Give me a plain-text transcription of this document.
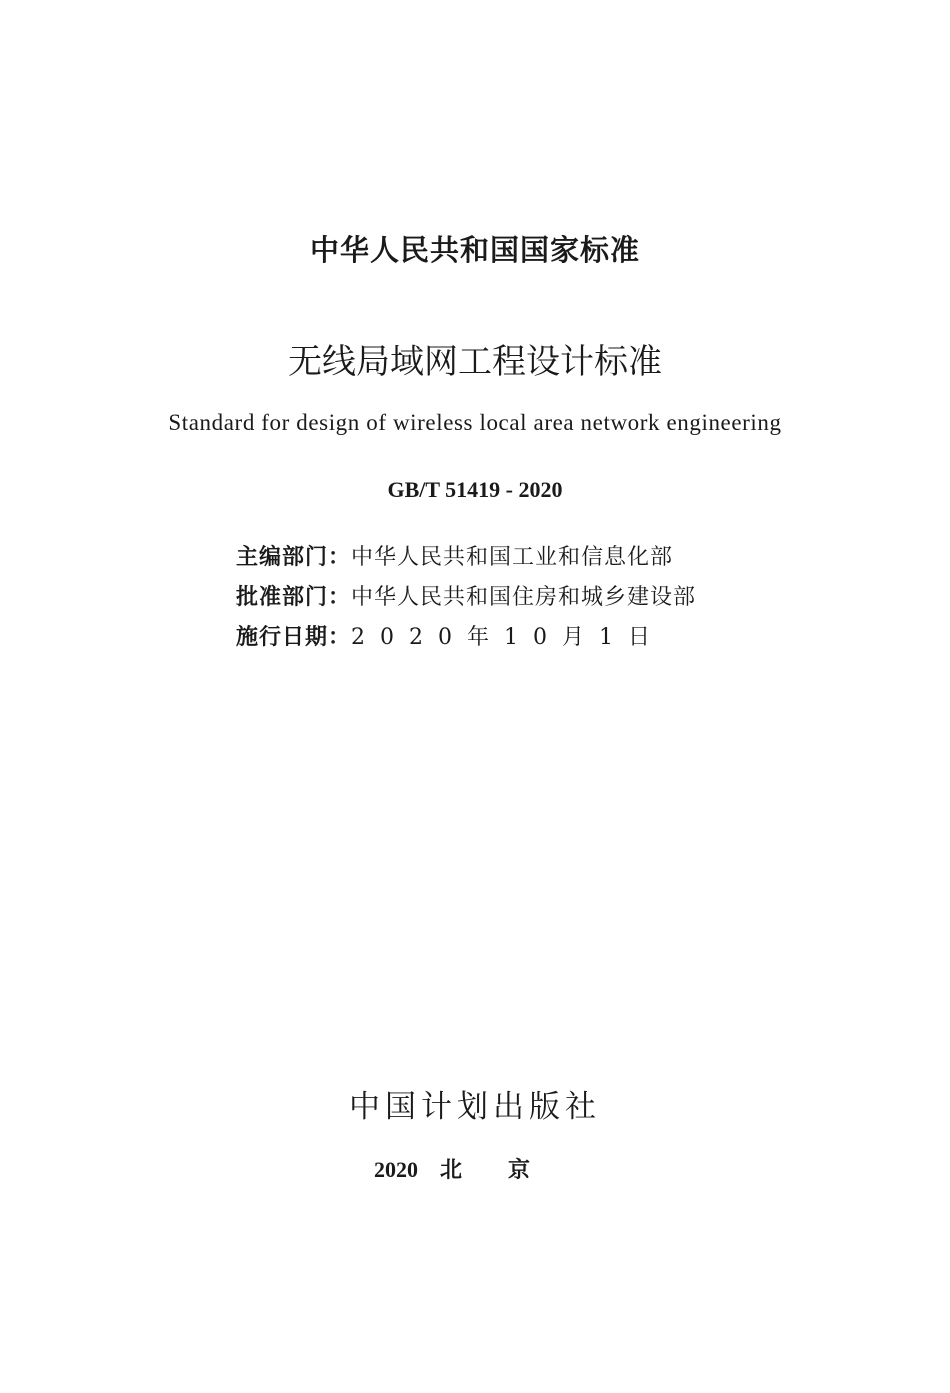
中华人民共和国国家标准
无线局域网工程设计标准
Standard for design of wireless local area network engineering
GB/T 51419 - 2020
主编部门：中华人民共和国工业和信息化部
批准部门：中华人民共和国住房和城乡建设部
施行日期：2020年10月1日
中国计划出版社
2020 北京
